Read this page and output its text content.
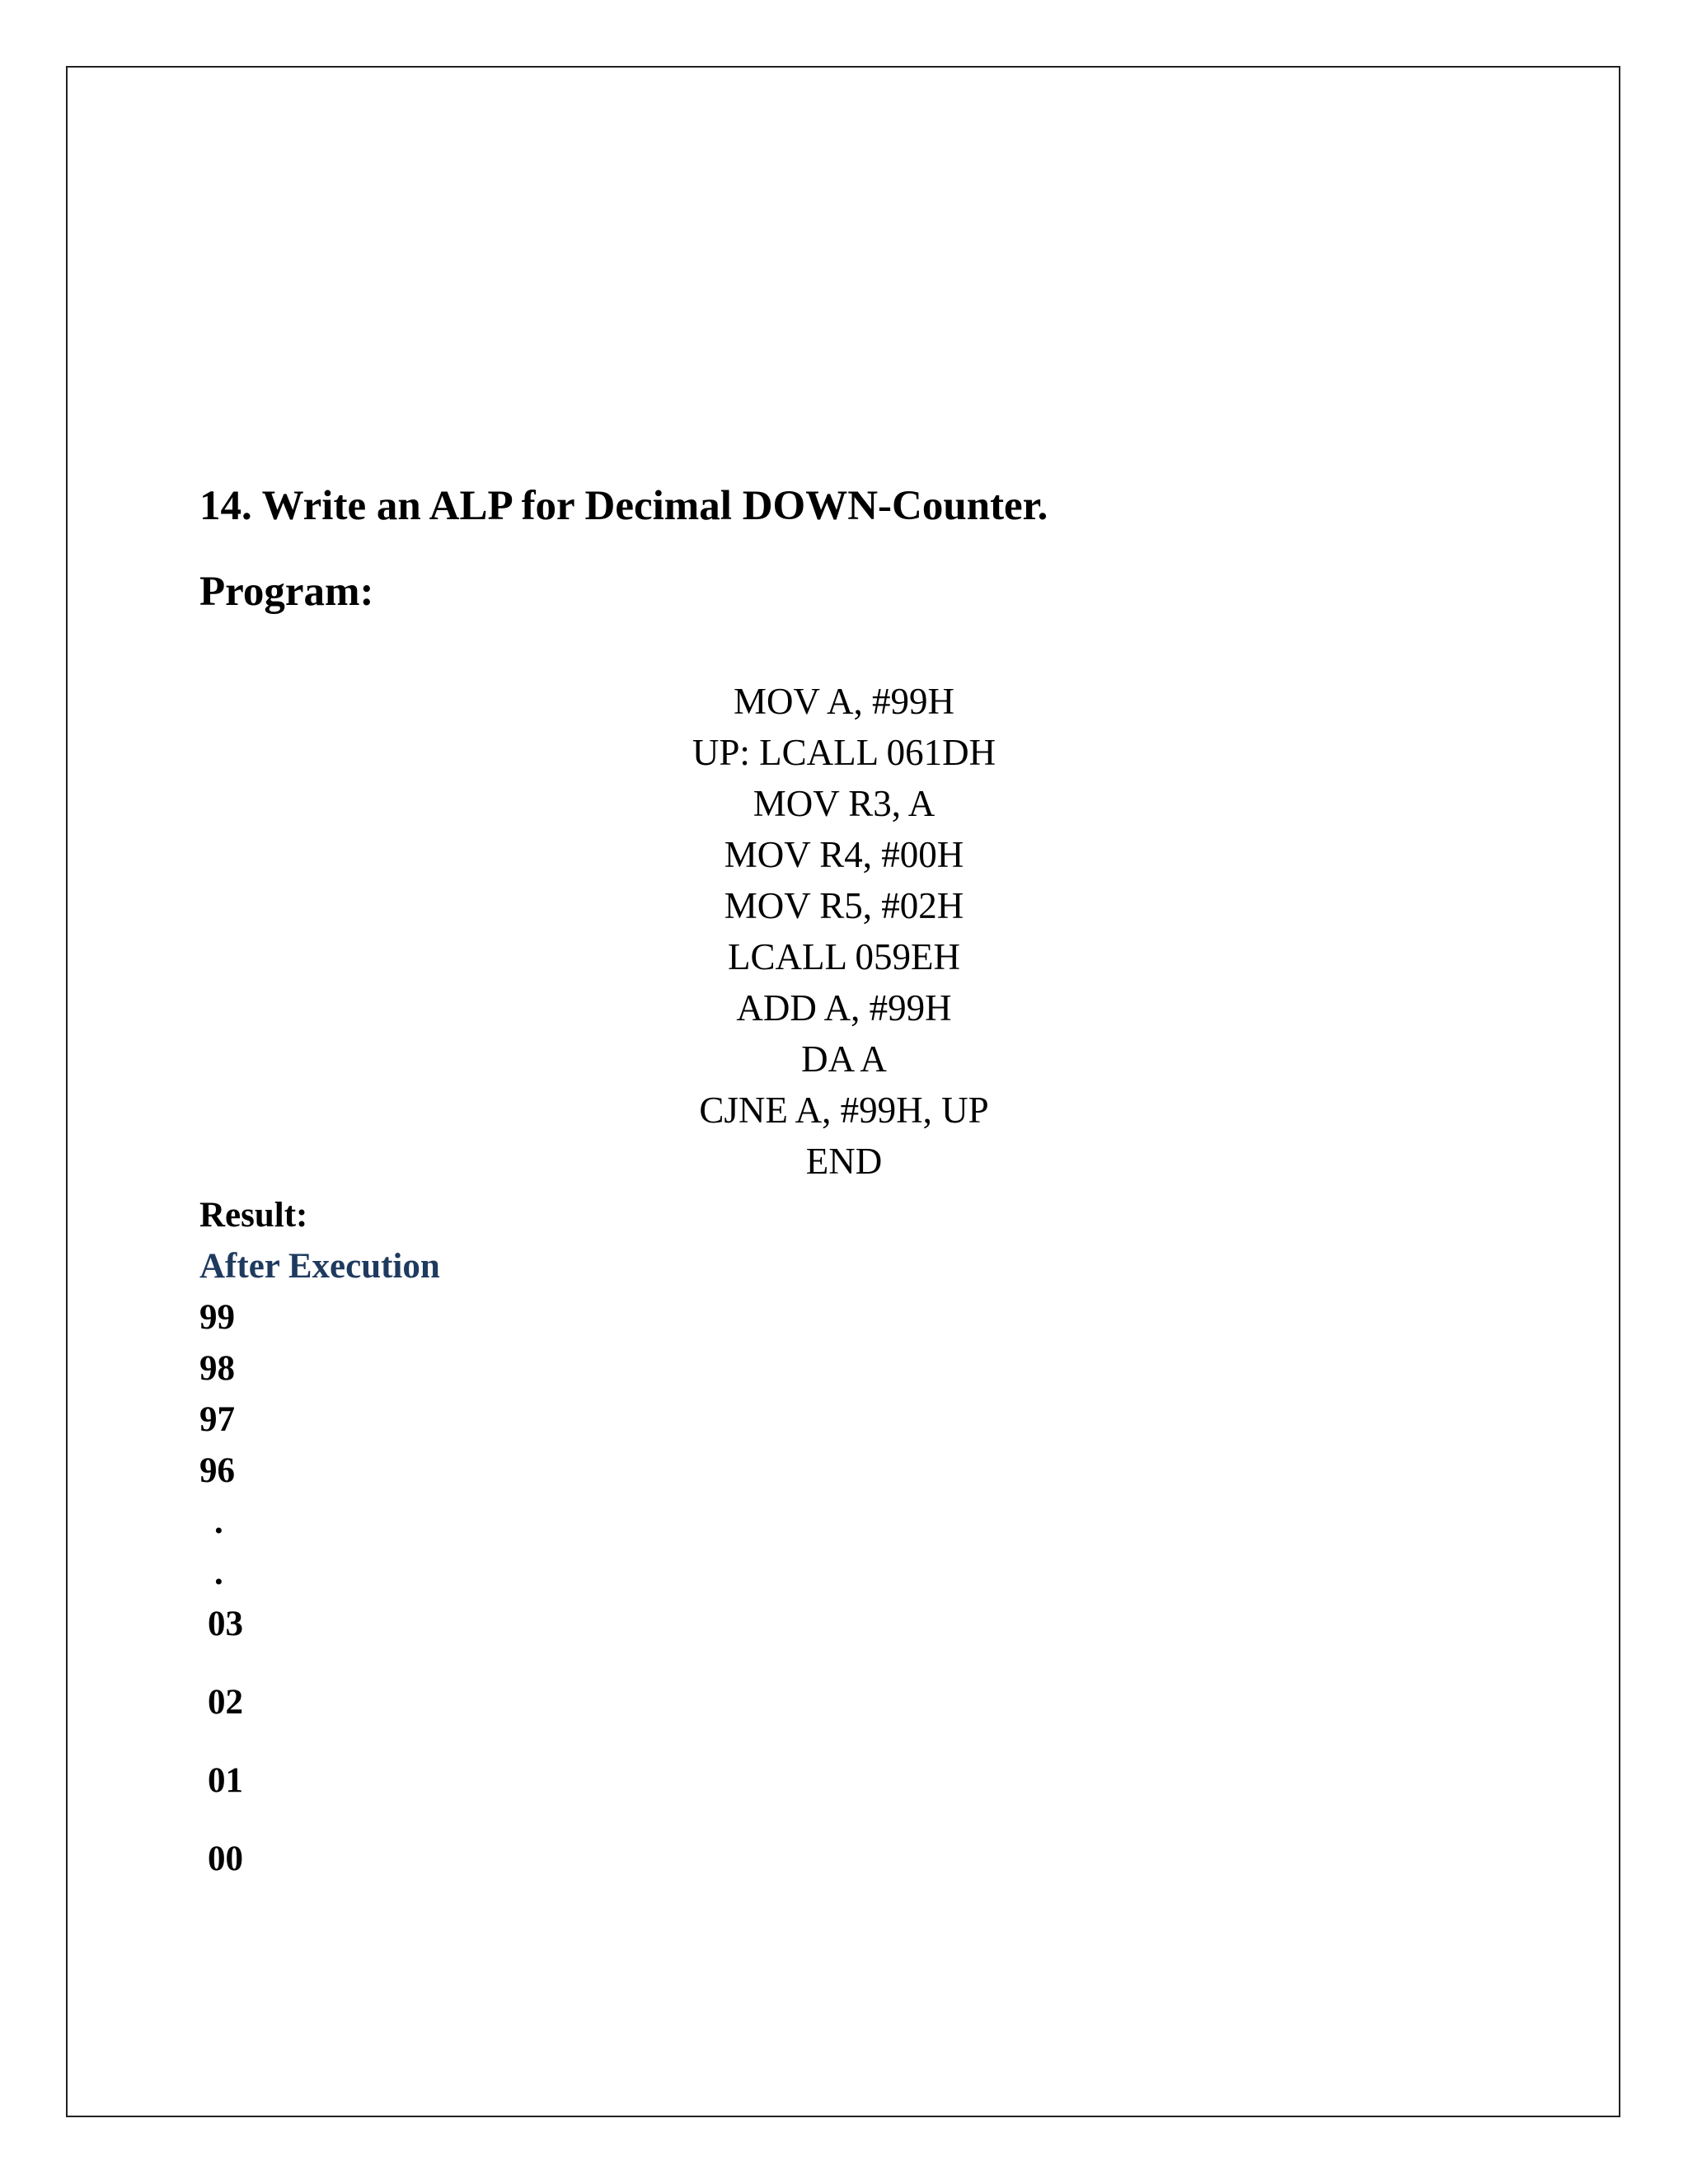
14. Write an ALP for Decimal DOWN-Counter.
Program:
MOV A, #99H
UP: LCALL 061DH
MOV R3, A
MOV R4, #00H
MOV R5, #02H
LCALL 059EH
ADD A, #99H
DA A
CJNE A, #99H, UP
END
Result:
After Execution
99
98
97
96
.
.
03
02
01
00
